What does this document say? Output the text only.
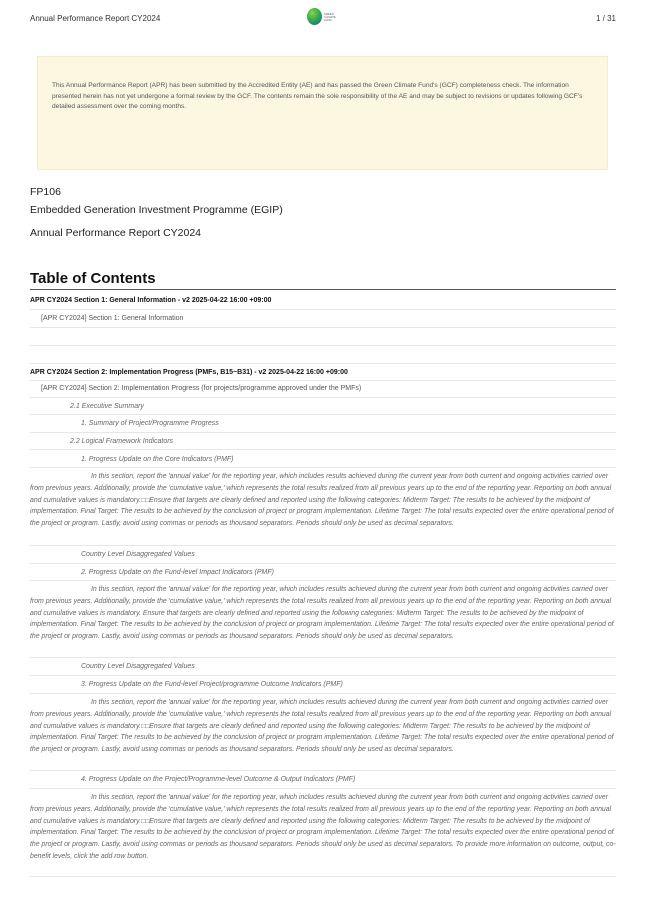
Annual Performance Report CY2024	GREEN
CLIMATE
FUND	1 / 31
This Annual Performance Report (APR) has been submitted by the Accredited Entity (AE) and has passed the Green Climate Fund's (GCF) completeness check. The information presented herein has not yet undergone a formal review by the GCF. The contents remain the sole responsibility of the AE and may be subject to revisions or updates following GCF's detailed assessment over the coming months.
FP106
Embedded Generation Investment Programme (EGIP)
Annual Performance Report CY2024
Table of Contents
APR CY2024 Section 1: General Information - v2 2025-04-22 16:00 +09:00
[APR CY2024] Section 1: General Information
APR CY2024 Section 2: Implementation Progress (PMFs, B15~B31) - v2 2025-04-22 16:00 +09:00
[APR CY2024] Section 2: Implementation Progress (for projects/programme approved under the PMFs)
2.1 Executive Summary
1. Summary of Project/Programme Progress
2.2 Logical Framework Indicators
1. Progress Update on the Core Indicators (PMF)
In this section, report the 'annual value' for the reporting year, which includes results achieved during the current year from both current and ongoing activities carried over from previous years. Additionally, provide the 'cumulative value,' which represents the total results realized from all previous years up to the end of the reporting year. Reporting on both annual and cumulative values is mandatory.□□Ensure that targets are clearly defined and reported using the following categories: Midterm Target: The results to be achieved by the midpoint of implementation. Final Target: The results to be achieved by the conclusion of project or program implementation. Lifetime Target: The total results expected over the entire operational period of the project or program. Lastly, avoid using commas or periods as thousand separators. Periods should only be used as decimal separators.
Country Level Disaggregated Values
2. Progress Update on the Fund-level Impact Indicators (PMF)
In this section, report the 'annual value' for the reporting year, which includes results achieved during the current year from both current and ongoing activities carried over from previous years. Additionally, provide the 'cumulative value,' which represents the total results realized from all previous years up to the end of the reporting year. Reporting on both annual and cumulative values is mandatory. Ensure that targets are clearly defined and reported using the following categories: Midterm Target: The results to be achieved by the midpoint of implementation. Final Target: The results to be achieved by the conclusion of project or program implementation. Lifetime Target: The total results expected over the entire operational period of the project or program. Lastly, avoid using commas or periods as thousand separators. Periods should only be used as decimal separators.
Country Level Disaggregated Values
3. Progress Update on the Fund-level Project/programme Outcome Indicators (PMF)
In this section, report the 'annual value' for the reporting year, which includes results achieved during the current year from both current and ongoing activities carried over from previous years. Additionally, provide the 'cumulative value,' which represents the total results realized from all previous years up to the end of the reporting year. Reporting on both annual and cumulative values is mandatory.□□Ensure that targets are clearly defined and reported using the following categories: Midterm Target: The results to be achieved by the midpoint of implementation. Final Target: The results to be achieved by the conclusion of project or program implementation. Lifetime Target: The total results expected over the entire operational period of the project or program. Lastly, avoid using commas or periods as thousand separators. Periods should only be used as decimal separators.
4. Progress Update on the Project/Programme-level Outcome & Output Indicators (PMF)
In this section, report the 'annual value' for the reporting year, which includes results achieved during the current year from both current and ongoing activities carried over from previous years. Additionally, provide the 'cumulative value,' which represents the total results realized from all previous years up to the end of the reporting year. Reporting on both annual and cumulative values is mandatory.□□Ensure that targets are clearly defined and reported using the following categories: Midterm Target: The results to be achieved by the midpoint of implementation. Final Target: The results to be achieved by the conclusion of project or program implementation. Lifetime Target: The total results expected over the entire operational period of the project or program. Lastly, avoid using commas or periods as thousand separators. Periods should only be used as decimal separators. To provide more information on outcome, output, co-benefit levels, click the add row button.
